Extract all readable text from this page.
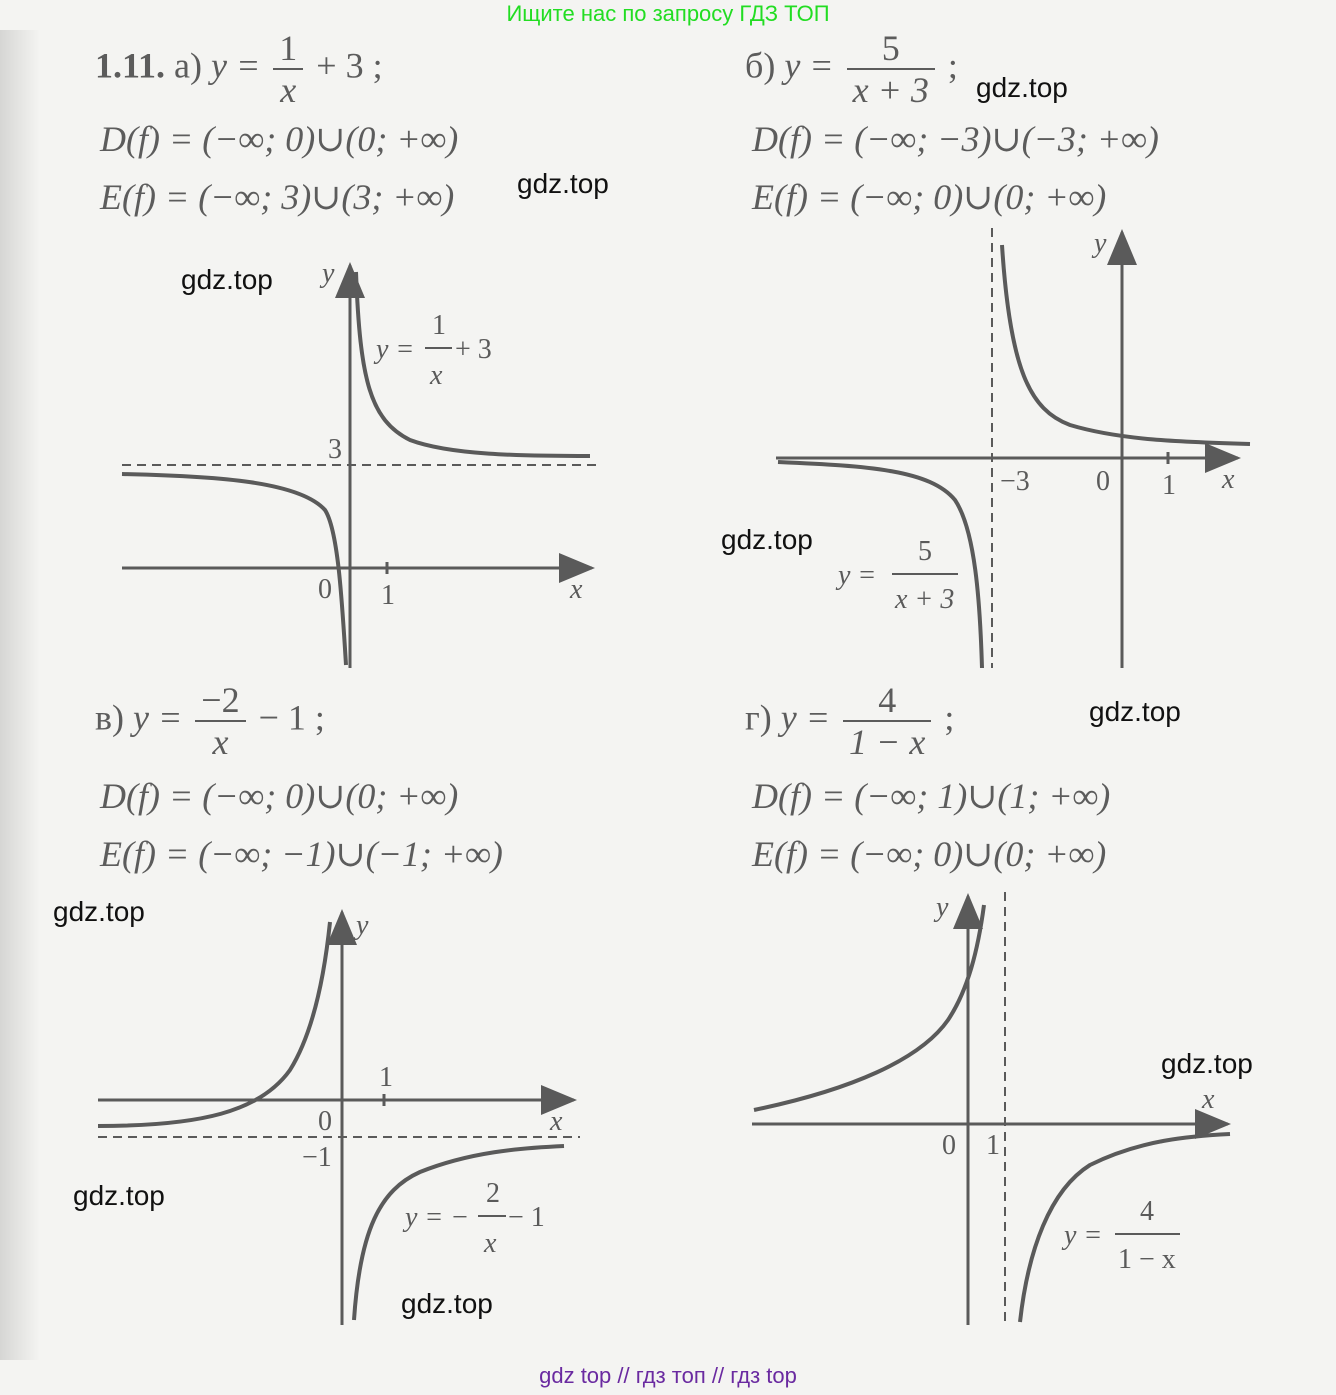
Ищите нас по запросу ГДЗ ТОП
1.11. а) $y = \frac{1}{x} + 3$ ;
D(f) = (−∞; 0)∪(0; +∞)
E(f) = (−∞; 3)∪(3; +∞)
б) $y = \frac{5}{x + 3}$ ;
D(f) = (−∞; −3)∪(−3; +∞)
E(f) = (−∞; 0)∪(0; +∞)
в) $y = \frac{-2}{x} - 1$ ;
D(f) = (−∞; 0)∪(0; +∞)
E(f) = (−∞; −1)∪(−1; +∞)
г) $y = \frac{4}{1 - x}$ ;
D(f) = (−∞; 1)∪(1; +∞)
E(f) = (−∞; 0)∪(0; +∞)
y
x
0 1
3
y =
1
x
+ 3
y
x
0 1
−3
y =
5
x + 3
y
x
0
1
−1
y = −
2
x
− 1
y
x
0 1
y =
4
1 − x
gdz.top
gdz.top
gdz.top
gdz.top
gdz.top
gdz.top
gdz.top
gdz.top
gdz.top
gdz top // гдз топ // гдз top
